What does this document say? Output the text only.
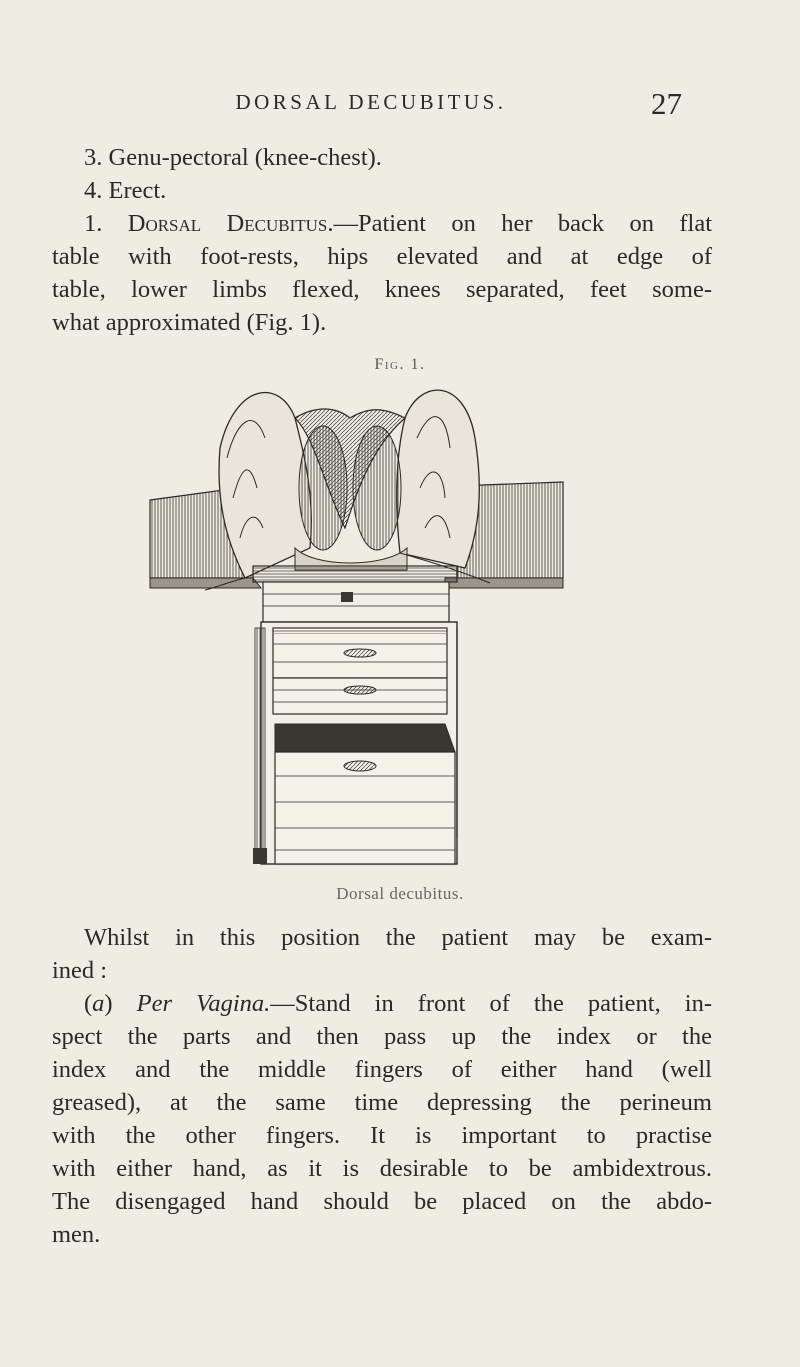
DORSAL DECUBITUS.	27
3. Genu-pectoral (knee-chest).
4. Erect.
1. Dorsal Decubitus.—Patient on her back on flat
table with foot-rests, hips elevated and at edge of
table, lower limbs flexed, knees separated, feet some-
what approximated (Fig. 1).
Fig. 1.
Dorsal decubitus.
Whilst in this position the patient may be exam-
ined :
(a) Per Vagina.—Stand in front of the patient, in-
spect the parts and then pass up the index or the
index and the middle fingers of either hand (well
greased), at the same time depressing the perineum
with the other fingers. It is important to practise
with either hand, as it is desirable to be ambidextrous.
The disengaged hand should be placed on the abdo-
men.
